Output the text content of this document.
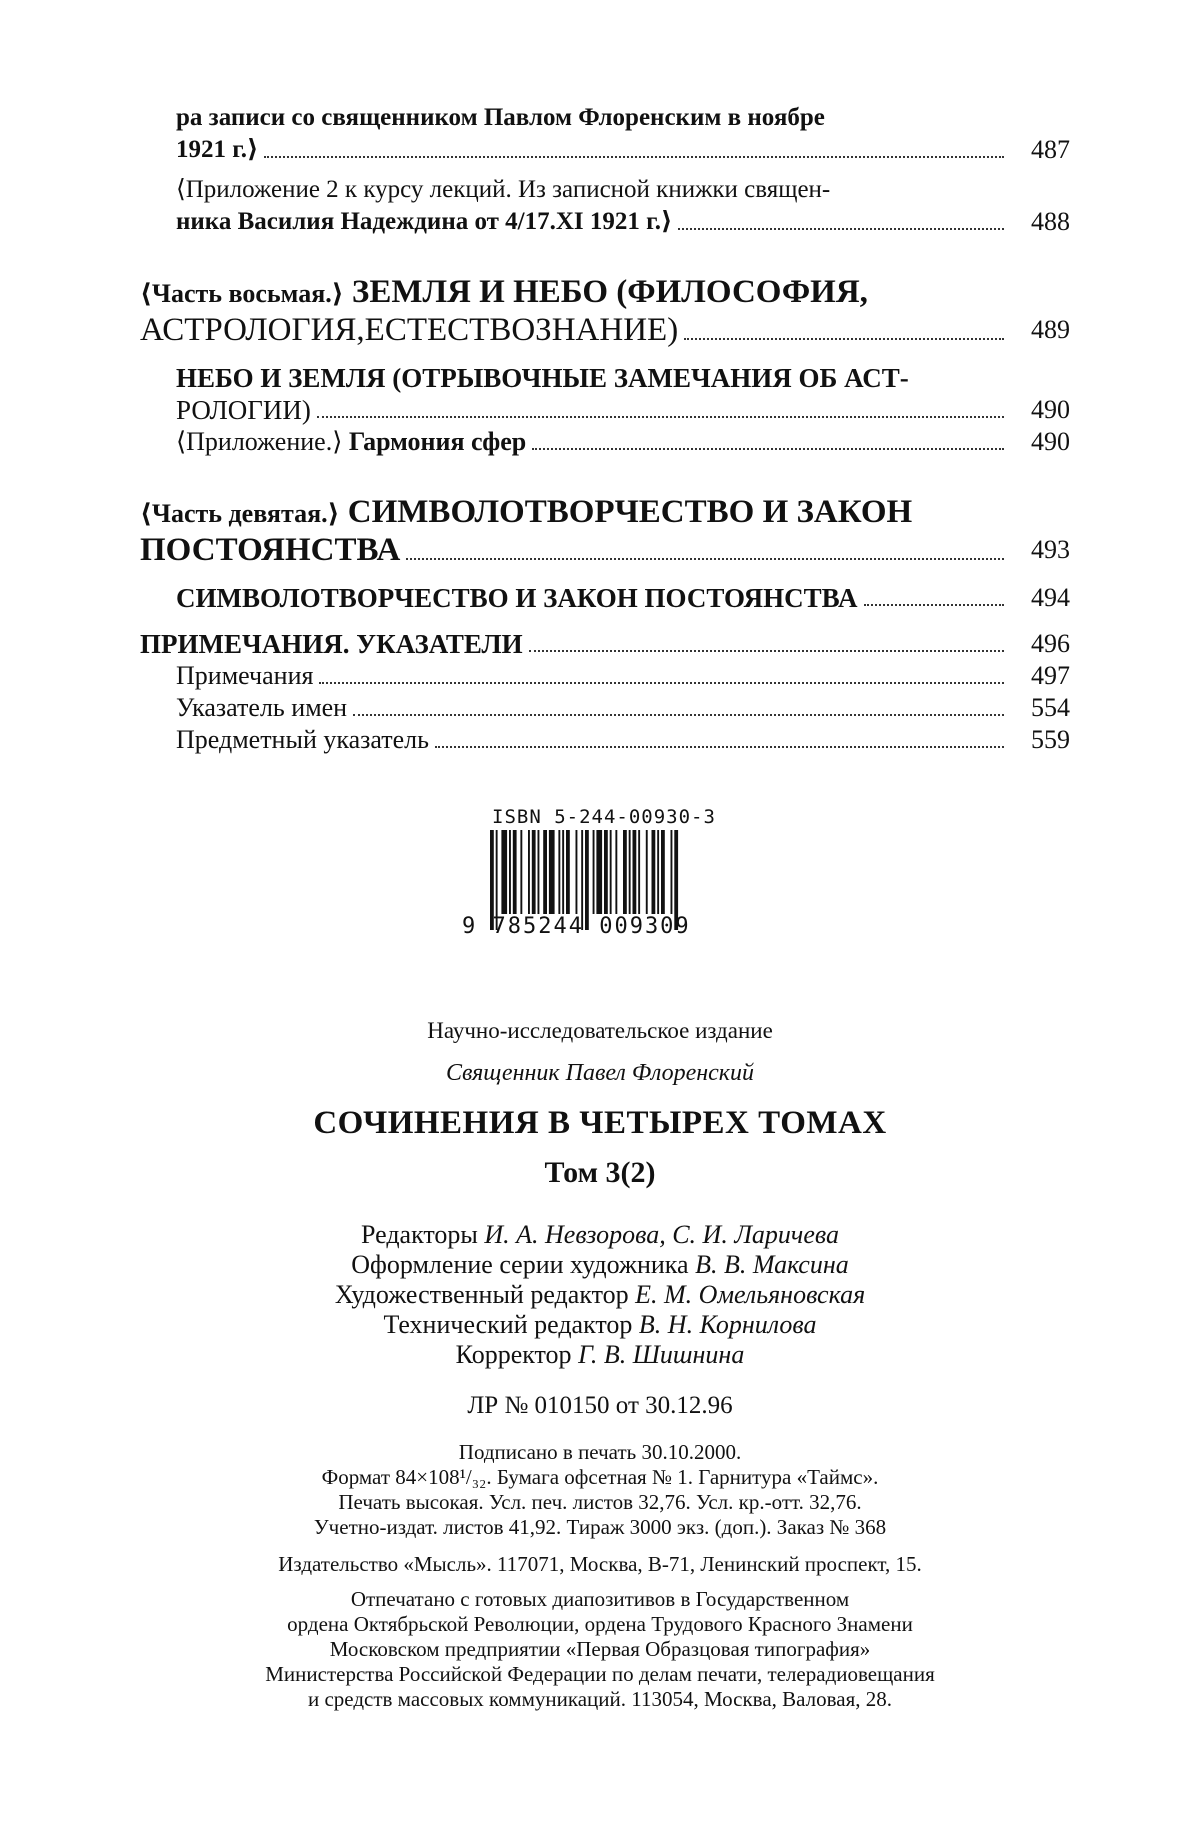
ра записи со священником Павлом Флоренским в ноябре
1921 г.⟩	487
⟨Приложение 2 к курсу лекций. Из записной книжки священ-
ника Василия Надеждина от 4/17.XI 1921 г.⟩	488
⟨Часть восьмая.⟩ ЗЕМЛЯ И НЕБО (ФИЛОСОФИЯ,
АСТРОЛОГИЯ,ЕСТЕСТВОЗНАНИЕ)	489
НЕБО И ЗЕМЛЯ (ОТРЫВОЧНЫЕ ЗАМЕЧАНИЯ ОБ АСТ-
РОЛОГИИ)	490
⟨Приложение.⟩ Гармония сфер	490
⟨Часть девятая.⟩ СИМВОЛОТВОРЧЕСТВО И ЗАКОН
ПОСТОЯНСТВА	493
СИМВОЛОТВОРЧЕСТВО И ЗАКОН ПОСТОЯНСТВА	494
ПРИМЕЧАНИЯ. УКАЗАТЕЛИ	496
Примечания	497
Указатель имен	554
Предметный указатель	559
ISBN 5-244-00930-3
9 785244 009309
Научно-исследовательское издание
Священник Павел Флоренский
СОЧИНЕНИЯ В ЧЕТЫРЕХ ТОМАХ
Том 3(2)
Редакторы И. А. Невзорова, С. И. Ларичева
Оформление серии художника В. В. Максина
Художественный редактор Е. М. Омельяновская
Технический редактор В. Н. Корнилова
Корректор Г. В. Шишнина
ЛР № 010150 от 30.12.96
Подписано в печать 30.10.2000.
Формат 84×108¹/₃₂. Бумага офсетная № 1. Гарнитура «Таймс».
Печать высокая. Усл. печ. листов 32,76. Усл. кр.-отт. 32,76.
Учетно-издат. листов 41,92. Тираж 3000 экз. (доп.). Заказ № 368
Издательство «Мысль». 117071, Москва, В-71, Ленинский проспект, 15.
Отпечатано с готовых диапозитивов в Государственном
ордена Октябрьской Революции, ордена Трудового Красного Знамени
Московском предприятии «Первая Образцовая типография»
Министерства Российской Федерации по делам печати, телерадиовещания
и средств массовых коммуникаций. 113054, Москва, Валовая, 28.
